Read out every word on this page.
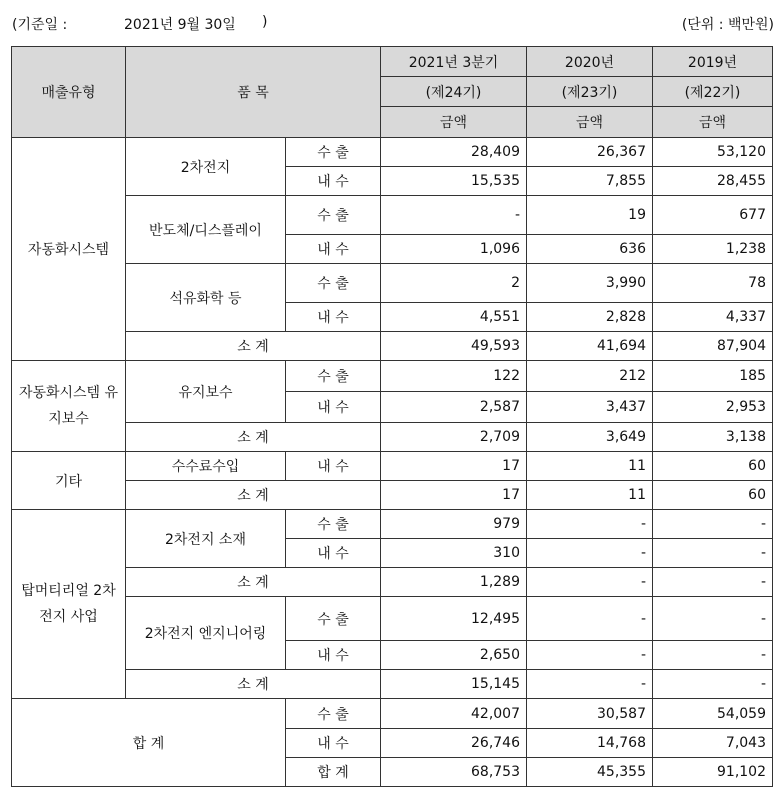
(기준일 :	2021년 9월 30일 )	(단위 : 백만원)
매출유형	품 목		2021년 3분기	2020년	2019년
			(제24기)	(제23기)	(제22기)
			금액	금액	금액
자동화시스템	2차전지	수 출	28,409	26,367	53,120
		내 수	15,535	7,855	28,455
	반도체/디스플레이	수 출	-	19	677
		내 수	1,096	636	1,238
	석유화학 등	수 출	2	3,990	78
		내 수	4,551	2,828	4,337
	소 계		49,593	41,694	87,904
자동화시스템 유지보수	유지보수	수 출	122	212	185
		내 수	2,587	3,437	2,953
	소 계		2,709	3,649	3,138
기타	수수료수입	내 수	17	11	60
	소 계		17	11	60
탑머티리얼 2차전지 사업	2차전지 소재	수 출	979	-	-
		내 수	310	-	-
	소 계		1,289	-	-
	2차전지 엔지니어링	수 출	12,495	-	-
		내 수	2,650	-	-
	소 계		15,145	-	-
합 계		수 출	42,007	30,587	54,059
		내 수	26,746	14,768	7,043
		합 계	68,753	45,355	91,102
